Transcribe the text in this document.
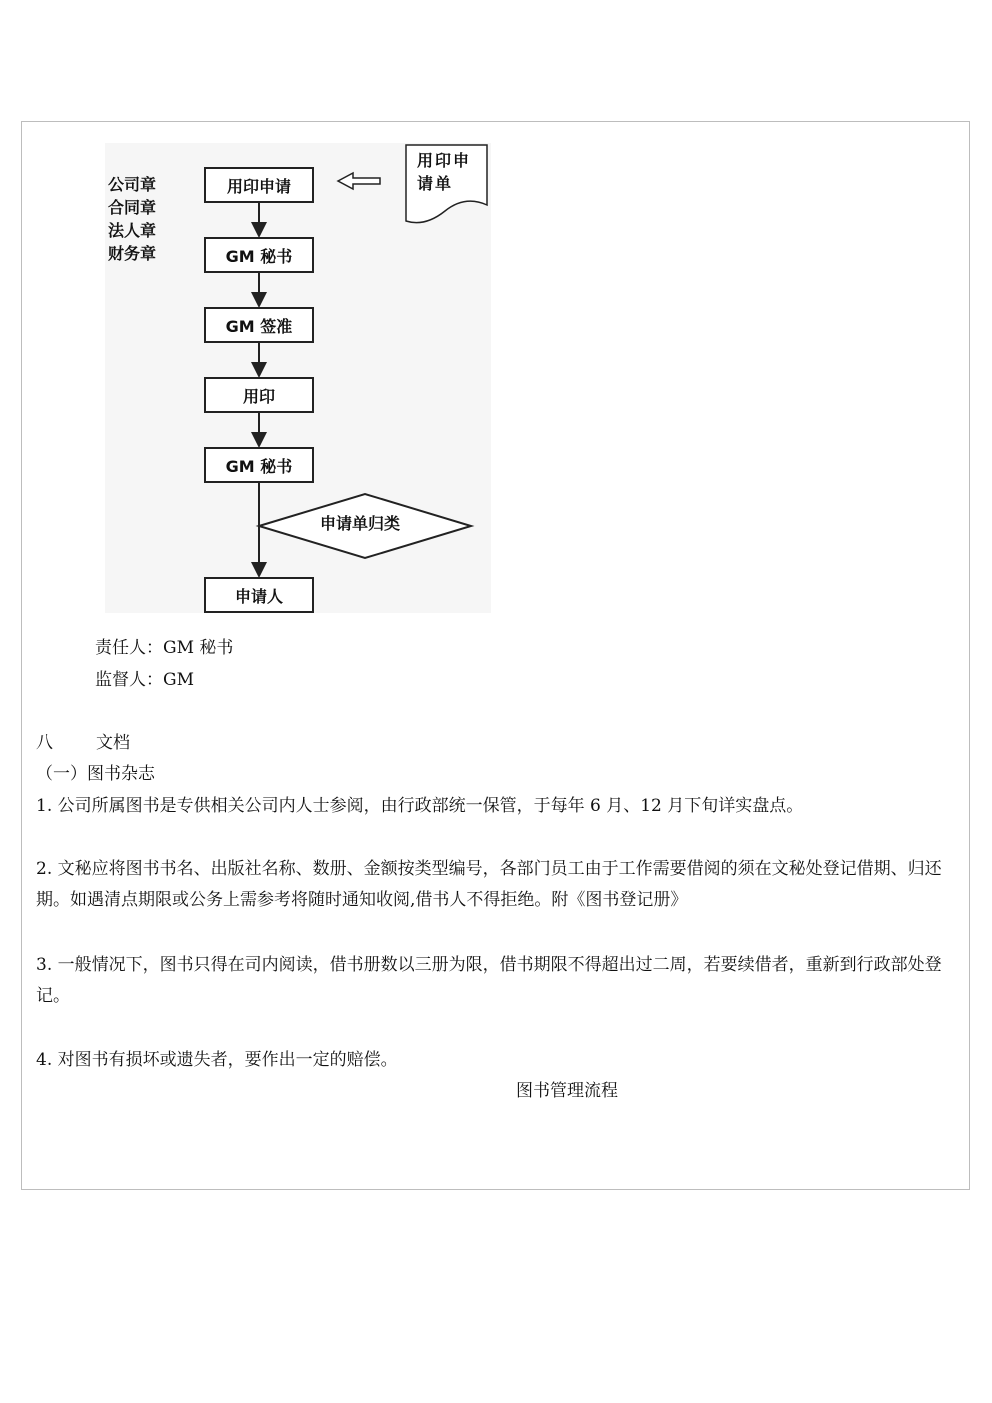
公司章
合同章
法人章
财务章
用印申请单
用印申请
GM 秘书
GM 签准
用印
GM 秘书
申请单归类
申请人
责任人：GM 秘书
监督人：GM
八	文档
（一）图书杂志
1. 公司所属图书是专供相关公司内人士参阅，由行政部统一保管，于每年 6 月、12 月下旬详实盘点。
2. 文秘应将图书书名、出版社名称、数册、金额按类型编号，各部门员工由于工作需要借阅的须在文秘处登记借期、归还期。如遇清点期限或公务上需参考将随时通知收阅,借书人不得拒绝。附《图书登记册》
3. 一般情况下，图书只得在司内阅读，借书册数以三册为限，借书期限不得超出过二周，若要续借者，重新到行政部处登记。
4. 对图书有损坏或遗失者，要作出一定的赔偿。
图书管理流程
